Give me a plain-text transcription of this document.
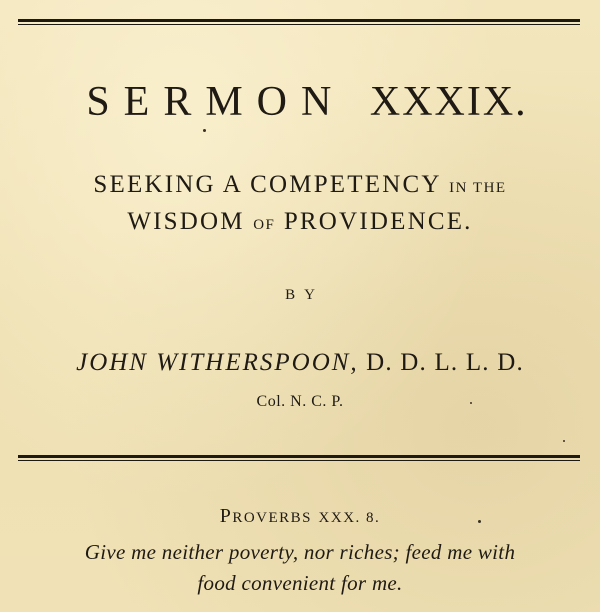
SERMON XXXIX.
SEEKING A COMPETENCY IN THE
WISDOM OF PROVIDENCE.
BY
JOHN WITHERSPOON, D. D. L. L. D.
Col. N. C. P.
PROVERBS XXX. 8.
Give me neither poverty, nor riches; feed me with
food convenient for me.
